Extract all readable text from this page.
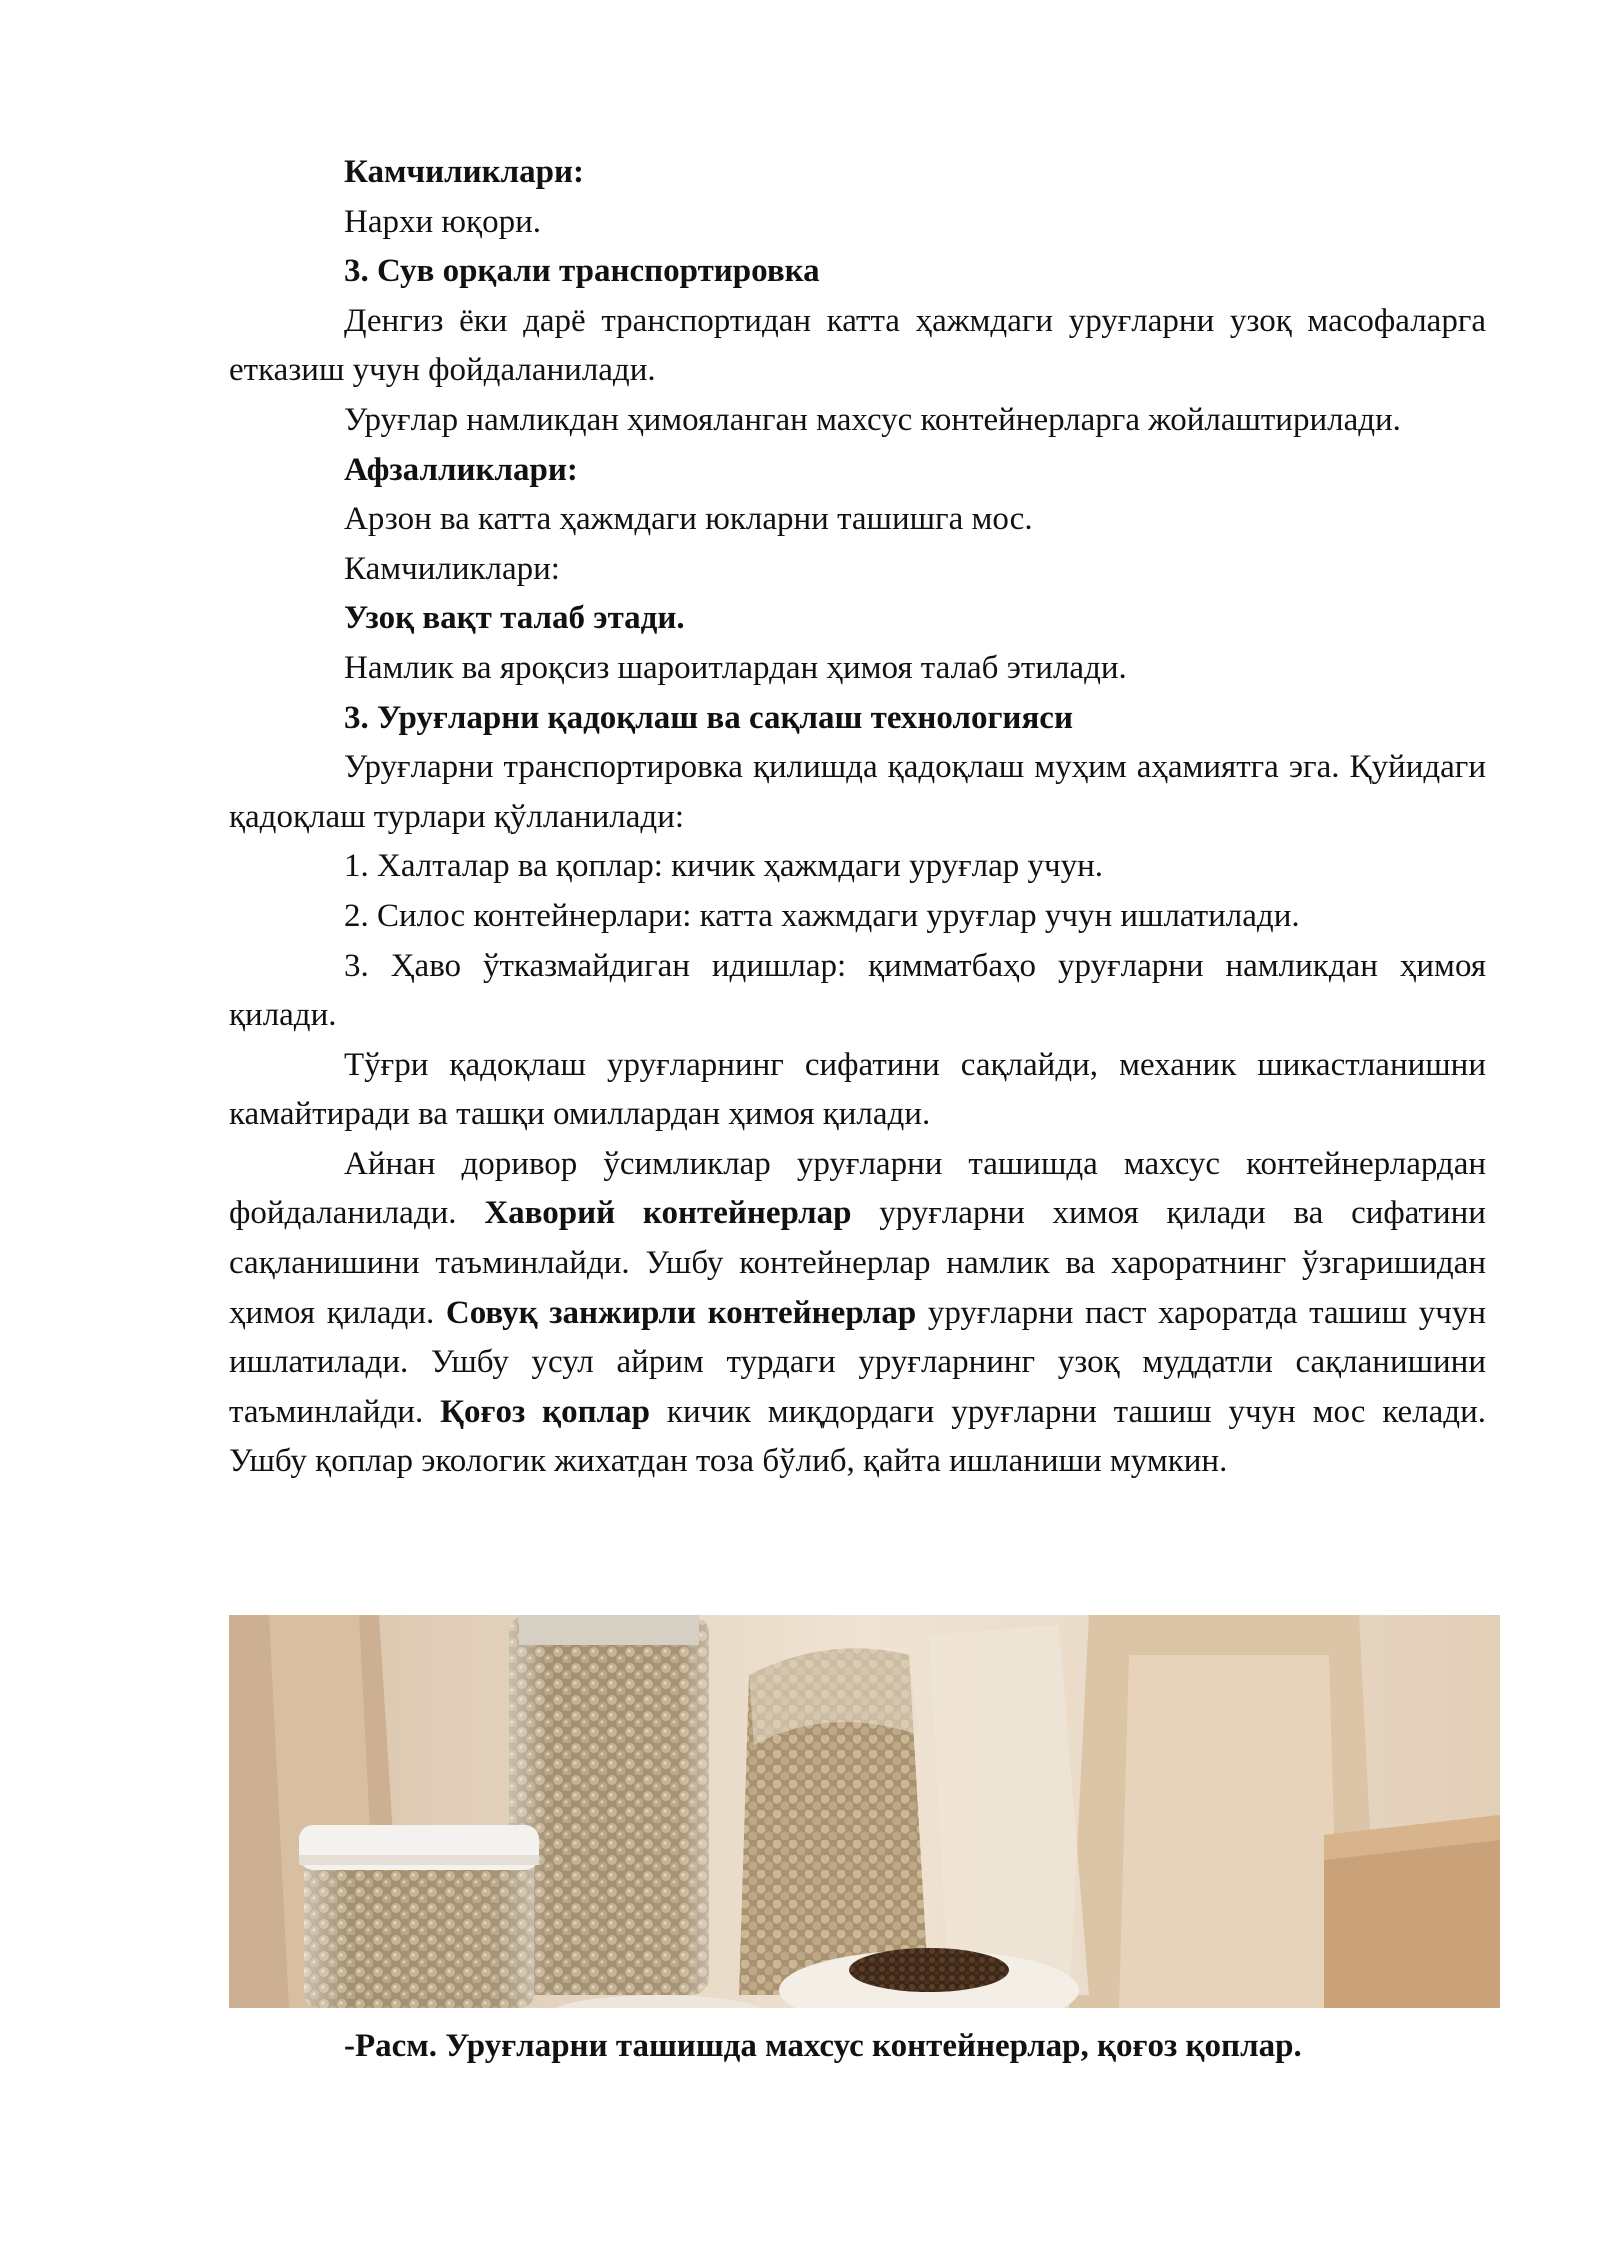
Камчиликлари:

Нархи юқори.

3. Сув орқали транспортировка

Денгиз ёки дарё транспортидан катта ҳажмдаги уруғларни узоқ масофаларга етказиш учун фойдаланилади.

Уруғлар намликдан ҳимояланган махсус контейнерларга жойлаштирилади.

Афзалликлари:

Арзон ва катта ҳажмдаги юкларни ташишга мос.

Камчиликлари:

Узоқ вақт талаб этади.

Намлик ва яроқсиз шароитлардан ҳимоя талаб этилади.

3. Уруғларни қадоқлаш ва сақлаш технологияси

Уруғларни транспортировка қилишда қадоқлаш муҳим аҳамиятга эга. Қуйидаги қадоқлаш турлари қўлланилади:

1. Халталар ва қоплар: кичик ҳажмдаги уруғлар учун.

2. Силос контейнерлари: катта хажмдаги уруғлар учун ишлатилади.

3. Ҳаво ўтказмайдиган идишлар: қимматбаҳо уруғларни намликдан ҳимоя қилади.

Тўғри қадоқлаш уруғларнинг сифатини сақлайди, механик шикастланишни камайтиради ва ташқи омиллардан ҳимоя қилади.

Айнан доривор ўсимликлар уруғларни ташишда махсус контейнерлардан фойдаланилади. Хаворий контейнерлар уруғларни химоя қилади ва сифатини сақланишини таъминлайди. Ушбу контейнерлар намлик ва хароратнинг ўзгаришидан ҳимоя қилади. Совуқ занжирли контейнерлар уруғларни паст хароратда ташиш учун ишлатилади. Ушбу усул айрим турдаги уруғларнинг узоқ муддатли сақланишини таъминлайди. Қоғоз қоплар кичик миқдордаги уруғларни ташиш учун мос келади. Ушбу қоплар экологик жихатдан тоза бўлиб, қайта ишланиши мумкин.

-Расм. Уруғларни ташишда махсус контейнерлар, қоғоз қоплар.
